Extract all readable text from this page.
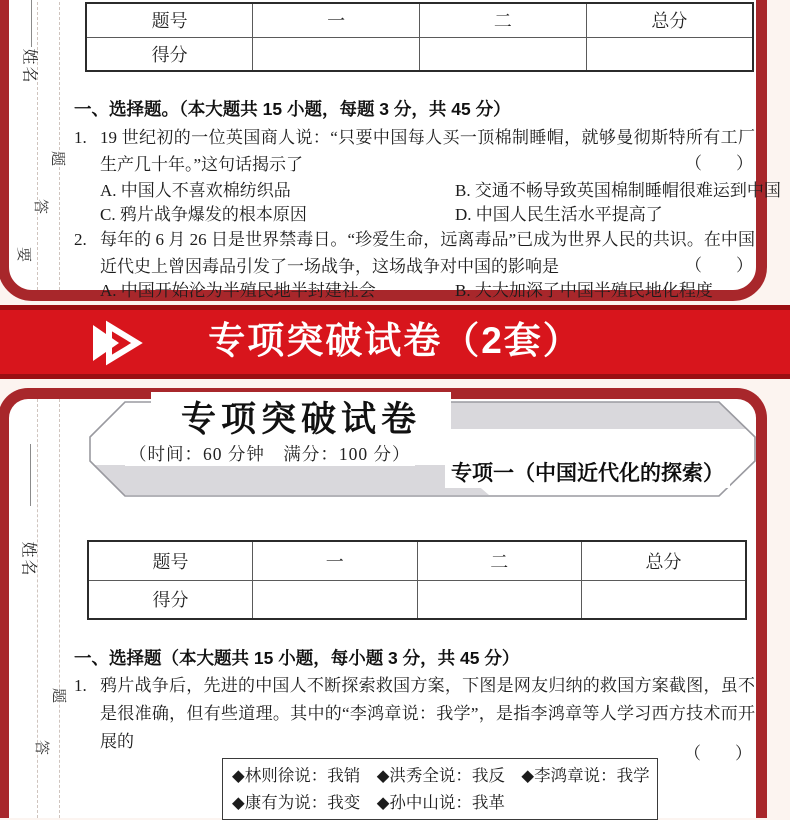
姓名
题
答
要
题号	一	二	总分
得分			
一、选择题。（本大题共 15 小题，每题 3 分，共 45 分）
1. 19 世纪初的一位英国商人说：“只要中国每人买一顶棉制睡帽，就够曼彻斯特所有工厂生产几十年。”这句话揭示了	（　　）
A. 中国人不喜欢棉纺织品	B. 交通不畅导致英国棉制睡帽很难运到中国
C. 鸦片战争爆发的根本原因	D. 中国人民生活水平提高了
2. 每年的 6 月 26 日是世界禁毒日。“珍爱生命，远离毒品”已成为世界人民的共识。在中国近代史上曾因毒品引发了一场战争，这场战争对中国的影响是	（　　）
A. 中国开始沦为半殖民地半封建社会	B. 大大加深了中国半殖民地化程度
专项突破试卷（2套）
姓名
题
答
专项突破试卷
（时间：60 分钟　满分：100 分）
专项一（中国近代化的探索）
题号	一	二	总分
得分			
一、选择题（本大题共 15 小题，每小题 3 分，共 45 分）
1. 鸦片战争后，先进的中国人不断探索救国方案，下图是网友归纳的救国方案截图，虽不是很准确，但有些道理。其中的“李鸿章说：我学”，是指李鸿章等人学习西方技术而开展的
（　　）
◆林则徐说：我销　◆洪秀全说：我反　◆李鸿章说：我学
◆康有为说：我变　◆孙中山说：我革
